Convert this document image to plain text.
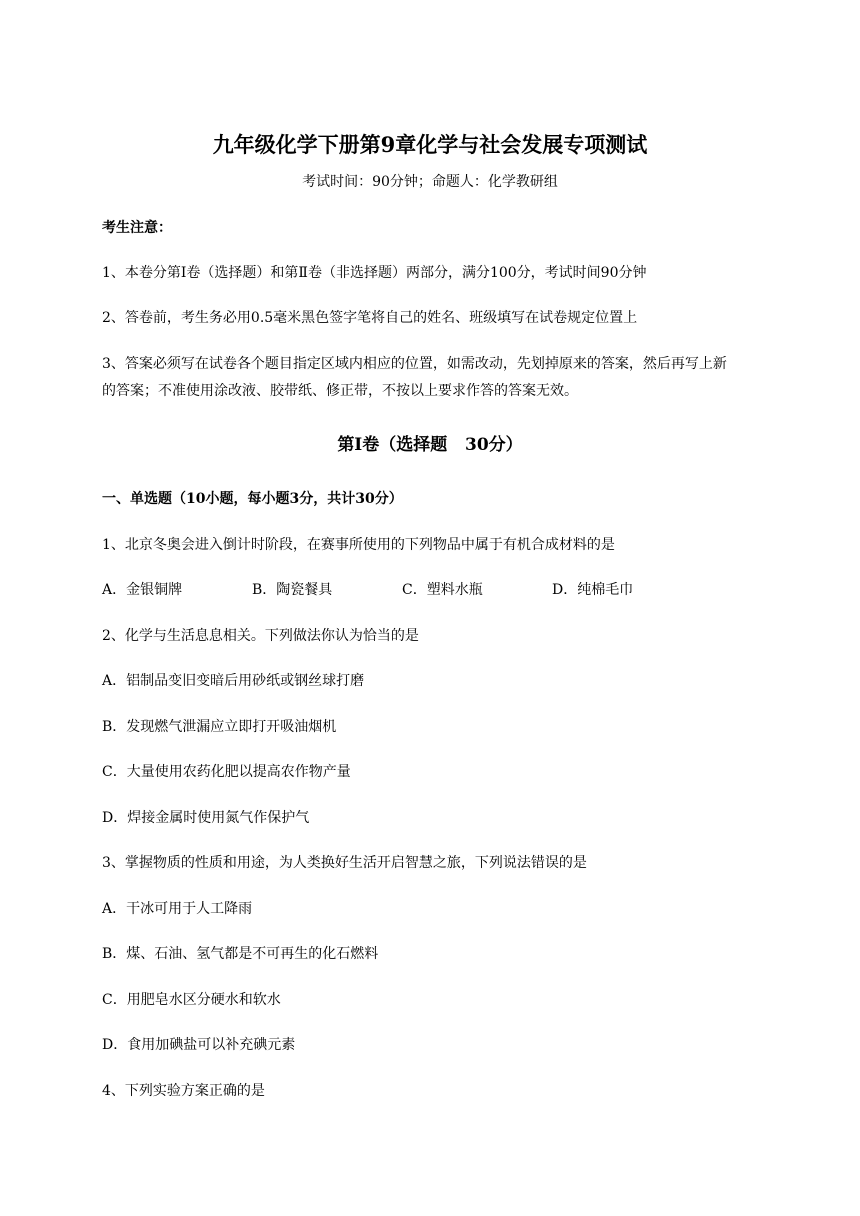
九年级化学下册第9章化学与社会发展专项测试
考试时间：90分钟；命题人：化学教研组
考生注意：
1、本卷分第Ⅰ卷（选择题）和第Ⅱ卷（非选择题）两部分，满分100分，考试时间90分钟
2、答卷前，考生务必用0.5毫米黑色签字笔将自己的姓名、班级填写在试卷规定位置上
3、答案必须写在试卷各个题目指定区域内相应的位置，如需改动，先划掉原来的答案，然后再写上新
的答案；不准使用涂改液、胶带纸、修正带，不按以上要求作答的答案无效。
第I卷（选择题   30分）
一、单选题（10小题，每小题3分，共计30分）
1、北京冬奥会进入倒计时阶段，在赛事所使用的下列物品中属于有机合成材料的是
A．金银铜牌	B．陶瓷餐具	C．塑料水瓶	D．纯棉毛巾
2、化学与生活息息相关。下列做法你认为恰当的是
A．铝制品变旧变暗后用砂纸或钢丝球打磨
B．发现燃气泄漏应立即打开吸油烟机
C．大量使用农药化肥以提高农作物产量
D．焊接金属时使用氮气作保护气
3、掌握物质的性质和用途，为人类换好生活开启智慧之旅，下列说法错误的是
A．干冰可用于人工降雨
B．煤、石油、氢气都是不可再生的化石燃料
C．用肥皂水区分硬水和软水
D．食用加碘盐可以补充碘元素
4、下列实验方案正确的是
